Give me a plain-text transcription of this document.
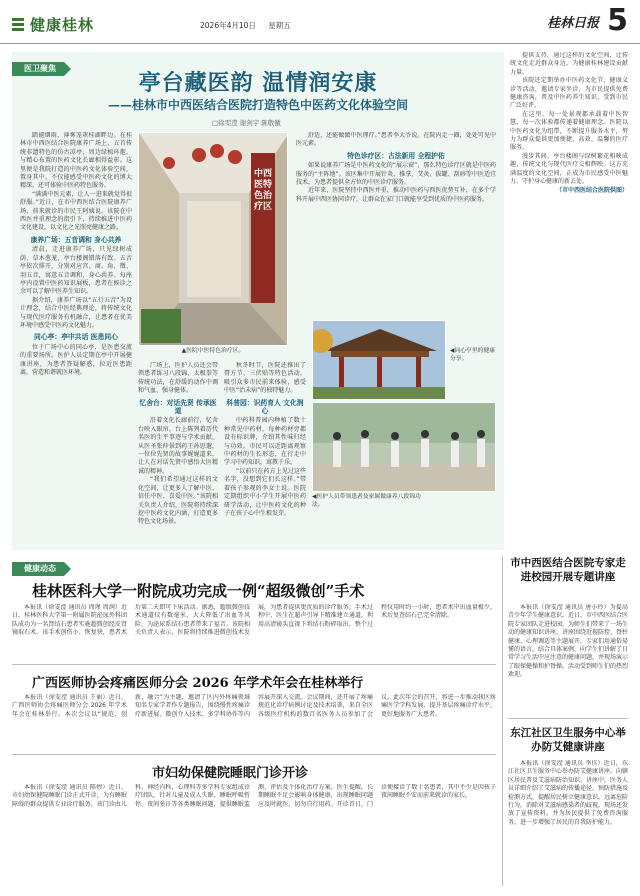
健康桂林	2026年4月10日 星期五	桂林日报 5
医卫聚焦
亭台藏医韵 温情润安康
——桂林市中西医结合医院打造特色中医药文化体验空间
□徐雯滢 谢剑宇 陈敬徽

踏褪烟雨，薄雾笼罩桂湖畔边。在桂林市中西医结合医院康养广场上，五首传统非遗特色的仿古凉亭，周边绿植环抱，与精心布置的医药文化长廊相得益彰。这里便是我院打造的中医药文化体验空间，置身其中，不仅能感受中医药文化的博大精深，还可体验中医药特色服务。

“满满中医元素，让人一进来就觉得很舒服。”近日，在市中西医结合医院康养广场，前来就诊的市民王阿姨说。该院在中西医并重理念的指引下，持续推进中医药文化建设，以文化之光照亮健康之路。

康养广场：五音调和 身心共养

清晨，走进康养广场，只见绿树成荫，草木葱茏，亭台楼阁错落有致。五音亭依次排开，分别对应宫、商、角、徵、羽五音，寓意五音调和，身心共养。每座亭内设置中医药知识展板，患者在候诊之余可以了解中医养生知识。

据介绍，康养广场以“五行五音”为设计理念，结合中医经典理论，将传统文化与现代医疗服务有机融合，让患者在优美环境中感受中医药文化魅力。

同心亭：亭中共话 医患同心

位于广场中心的同心亭，是医患交流的重要场所。医护人员定期在亭中开展健康讲座，为患者答疑解惑，拉近医患距离，营造和谐就医环境。

中西医特色治疗区
▲医院中医特色治疗区。

广场上，医护人员还会带领患者练习八段锦、太极拳等传统功法，在舒缓的动作中调和气血、强身健体。

忆舍台：对话先贤 传承医道

沿着文化长廊前行，忆舍台映入眼帘。台上陈列着历代名医的生平事迹与学术贡献，从医圣张仲景到药王孙思邈，一位位先贤的故事娓娓道来，让人在对话先贤中感悟大医精诚的精神。

“我们希望通过这样的文化空间，让更多人了解中医、信任中医、喜爱中医。”该院相关负责人介绍，医院将持续深挖中医药文化内涵，打造更多特色文化场景。

秋冬时节，医院还推出了膏方节、三伏贴等特色活动，吸引众多市民前来体验，感受中医“治未病”的独特魅力。

科普园：识药育人 文化润心

中药科普园内种植了数十种常见中药材，每种药材旁都设有标识牌，介绍其性味归经与功效。市民可以近距离观察中药材的生长形态，在行走中学习中药知识，寓教于乐。

“以前只在药方上见过这些名字，没想到它们长这样。”带着孩子参观的李女士说。医院定期组织中小学生开展中医药研学活动，让中医药文化的种子在孩子心中生根发芽。

舒适，还能做做中医理疗。”患者李大爷说。在院内走一圈，处处可见中医元素。

特色诊疗区：古法新用 全程护佑

如果说康养广场是中医药文化的“展示窗”，那么特色诊疗区就是中医药服务的“主阵地”。该区集中开展针灸、推拿、艾灸、拔罐、刮痧等中医适宜技术，为患者提供全方位的中医诊疗服务。

近年来，医院坚持中西医并重，推动中医药与西医优势互补，在多个学科开展中西医协同诊疗，让群众在家门口就能享受到优质的中医药服务。

◀同心亭里的健康分享。
◀医护人员带领患者及家属做康养八段锦功法。

提供支持。通过这样的文化空间，让传统文化走近群众身边，为健康桂林建设贡献力量。

该院还定期举办中医药文化节、健康义诊等活动，邀请专家坐诊，为市民提供免费健康咨询，普及中医药养生知识，受到市民广泛好评。

在这里，每一处景观都承载着中医智慧，每一次体验都传递着健康理念。医院以中医药文化为纽带，不断提升服务水平，努力为群众提供更加便捷、高效、温馨的医疗服务。

漫步其间，亭台楼阁与绿树繁花相映成趣，传统文化与现代医疗交相辉映。这方充满温度的文化空间，正成为市民感受中医魅力、守护身心健康的新去处。

（市中西医结合医院供图）

健康动态
桂林医科大学一附院成功完成一例“超级微创”手术

本报讯（徐雯滢 通讯员 周瑾 周润）近日，桂林医科大学第一附属医院泌尿外科团队成功为一名肾结石患者实施超微创经皮肾镜取石术。该手术创伤小、恢复快，患者术后第二天即可下床活动。据悉，超级微创技术通道仅有数毫米，大大降低了出血等风险，为泌尿系结石患者带来了福音。该院相关负责人表示，医院将持续推进微创技术发展，为患者提供更优质的诊疗服务。手术过程中，医生在超声引导下精准建立通道，利用高清镜头直视下将结石粉碎取出，整个过程仅用时约一小时，患者术中出血量极少，术后复查结石已完全清除。

广西医师协会疼痛医师分会 2026 年学术年会在桂林举行

本报讯（徐雯滢 通讯员 王丽）近日，广西医师协会疼痛医师分会 2026 年学术年会在桂林举行。本次会议以“规范、创新、融合”为主题，邀请了区内外疼痛领域知名专家学者作专题报告，围绕慢性疼痛诊疗新进展、微创介入技术、多学科协作等内容展开深入交流。会议期间，还开展了疼痛规范化诊疗病例讨论及技术培训，来自全区各级医疗机构的数百名医务人员参加了会议。此次年会的召开，将进一步推动我区疼痛医学学科发展，提升基层疼痛诊疗水平，更好地服务广大患者。

市妇幼保健院睡眠门诊开诊

本报讯（徐雯滢 通讯员 陈婷）近日，市妇幼保健院睡眠门诊正式开诊，为有睡眠障碍的群众提供专业诊疗服务。该门诊由儿科、神经内科、心理科等多学科专家组成诊疗团队，针对儿童及成人失眠、睡眠呼吸暂停、夜间多汗等各类睡眠问题，提供睡眠监测、评估及个体化治疗方案。医生提醒，长期睡眠不足会影响身体健康，出现睡眠问题应及时就医，切勿自行用药。开诊首日，门诊便接诊了数十名患者，其中不少是因孩子夜间睡眠不安而前来就诊的家长。

市中西医结合医院专家走进校园开展专题讲座

本报讯（徐雯滢 通讯员 唐小玲）为提高青少年学生健康意识，近日，市中西医结合医院专家团队走进校园，为师生们带来了一场生动的健康知识讲座。讲座围绕近视防控、脊柱健康、心理调适等主题展开，专家们用通俗易懂的语言，结合具体案例，向学生们讲解了日常学习生活中应注意的健康问题，并现场演示了眼保健操和护脊操。活动受到师生们的热烈欢迎。

东江社区卫生服务中心举办防艾健康讲座

本报讯（徐雯滢 通讯员 李佳）近日，东江社区卫生服务中心举办防艾健康讲座，向辖区居民普及艾滋病防治知识。讲座中，医务人员详细介绍了艾滋病的传播途径、预防措施及检测方式，提醒居民树立健康意识，远离危险行为，消除对艾滋病感染者的歧视。现场还发放了宣传资料，并为居民提供了免费咨询服务，进一步增强了居民的自我防护能力。
